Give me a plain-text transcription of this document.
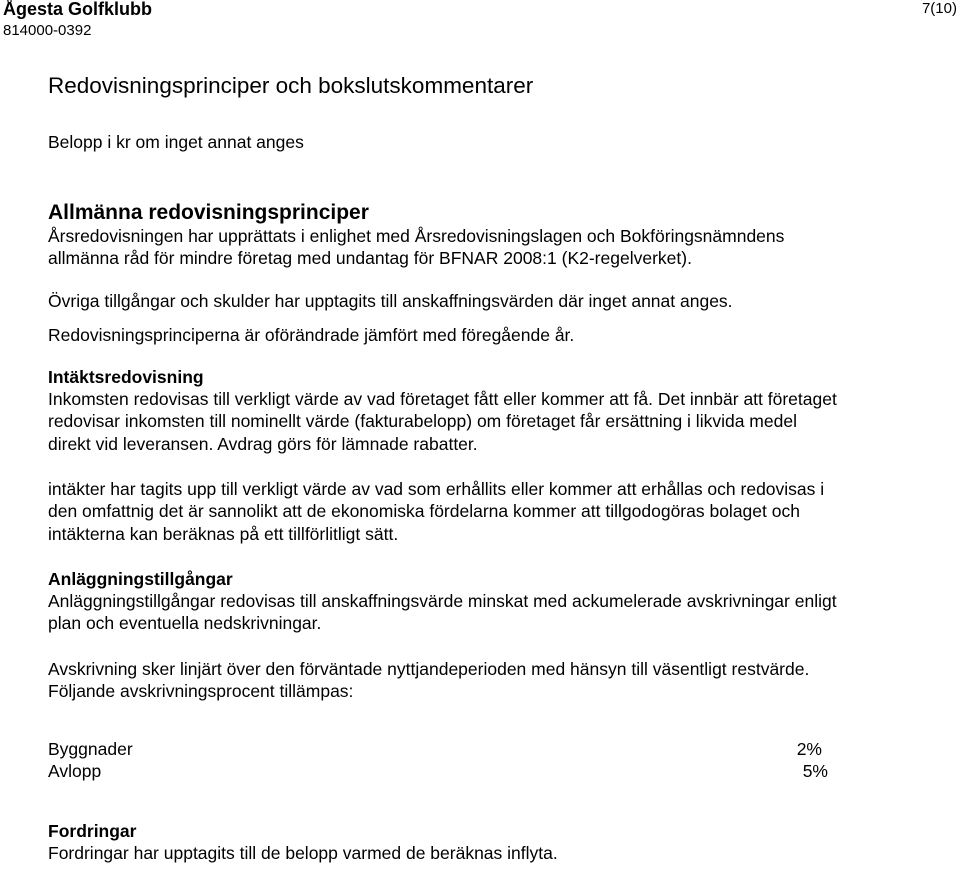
Ågesta Golfklubb
814000-0392
7(10)
Redovisningsprinciper och bokslutskommentarer
Belopp i kr om inget annat anges
Allmänna redovisningsprinciper

Årsredovisningen har upprättats i enlighet med Årsredovisningslagen och Bokföringsnämndens
allmänna råd för mindre företag med undantag för BFNAR 2008:1 (K2-regelverket).

Övriga tillgångar och skulder har upptagits till anskaffningsvärden där inget annat anges.

Redovisningsprinciperna är oförändrade jämfört med föregående år.

Intäktsredovisning

Inkomsten redovisas till verkligt värde av vad företaget fått eller kommer att få. Det innbär att företaget
redovisar inkomsten till nominellt värde (fakturabelopp) om företaget får ersättning i likvida medel
direkt vid leveransen. Avdrag görs för lämnade rabatter.

intäkter har tagits upp till verkligt värde av vad som erhållits eller kommer att erhållas och redovisas i
den omfattnig det är sannolikt att de ekonomiska fördelarna kommer att tillgodogöras bolaget och
intäkterna kan beräknas på ett tillförlitligt sätt.

Anläggningstillgångar

Anläggningstillgångar redovisas till anskaffningsvärde minskat med ackumelerade avskrivningar enligt
plan och eventuella nedskrivningar.

Avskrivning sker linjärt över den förväntade nyttjandeperioden med hänsyn till väsentligt restvärde.
Följande avskrivningsprocent tillämpas:

Byggnader	2%
Avlopp	5%
Fordringar

Fordringar har upptagits till de belopp varmed de beräknas inflyta.
